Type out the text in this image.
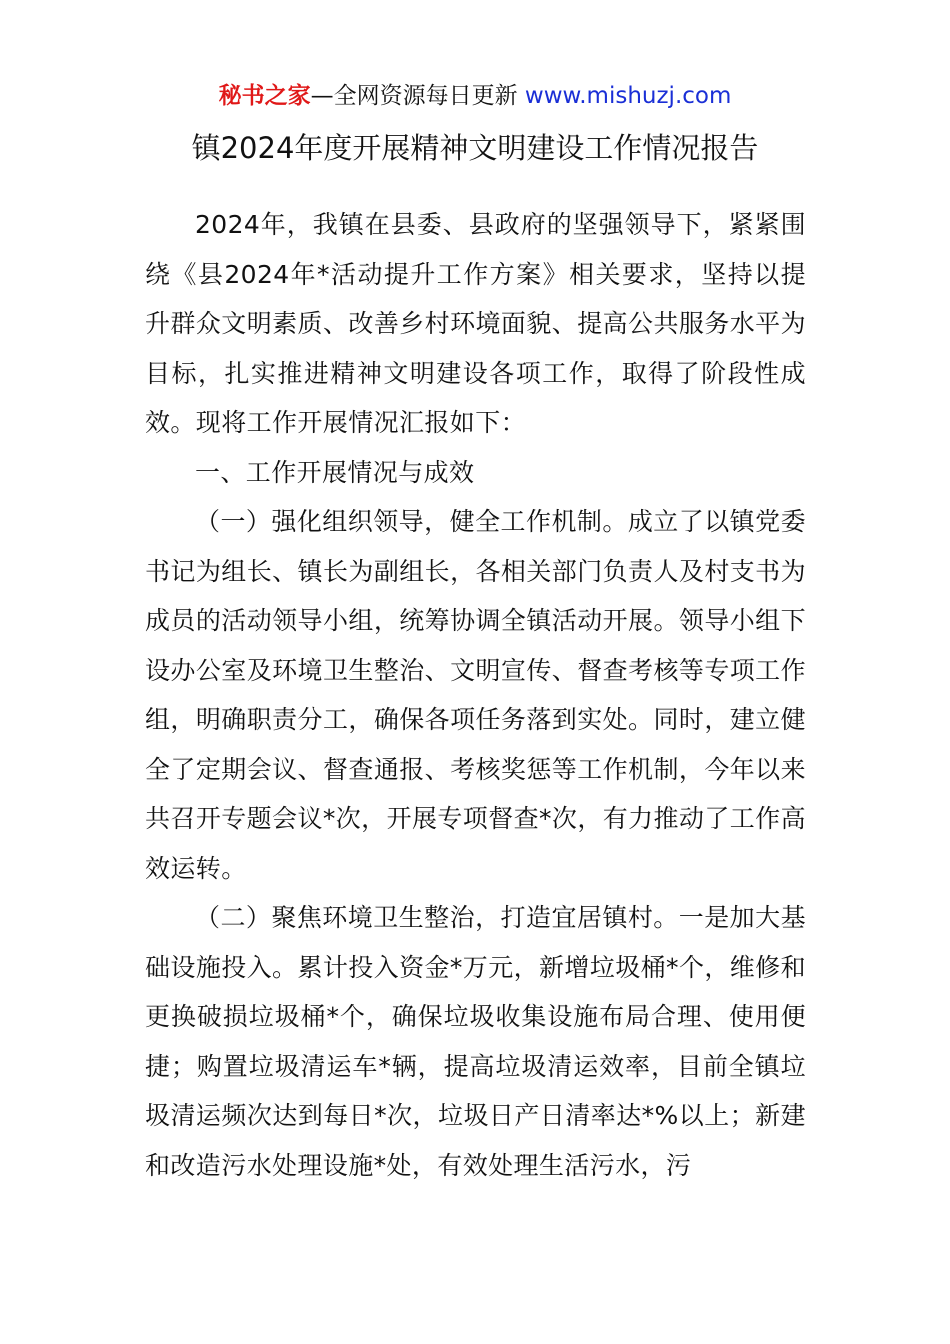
秘书之家—全网资源每日更新 www.mishuzj.com
镇2024年度开展精神文明建设工作情况报告

2024年，我镇在县委、县政府的坚强领导下，紧紧围绕《县2024年*活动提升工作方案》相关要求，坚持以提升群众文明素质、改善乡村环境面貌、提高公共服务水平为目标，扎实推进精神文明建设各项工作，取得了阶段性成效。现将工作开展情况汇报如下：

一、工作开展情况与成效

（一）强化组织领导，健全工作机制。成立了以镇党委书记为组长、镇长为副组长，各相关部门负责人及村支书为成员的活动领导小组，统筹协调全镇活动开展。领导小组下设办公室及环境卫生整治、文明宣传、督查考核等专项工作组，明确职责分工，确保各项任务落到实处。同时，建立健全了定期会议、督查通报、考核奖惩等工作机制，今年以来共召开专题会议*次，开展专项督查*次，有力推动了工作高效运转。

（二）聚焦环境卫生整治，打造宜居镇村。一是加大基础设施投入。累计投入资金*万元，新增垃圾桶*个，维修和更换破损垃圾桶*个，确保垃圾收集设施布局合理、使用便捷；购置垃圾清运车*辆，提高垃圾清运效率，目前全镇垃圾清运频次达到每日*次，垃圾日产日清率达*%以上；新建和改造污水处理设施*处，有效处理生活污水，污
